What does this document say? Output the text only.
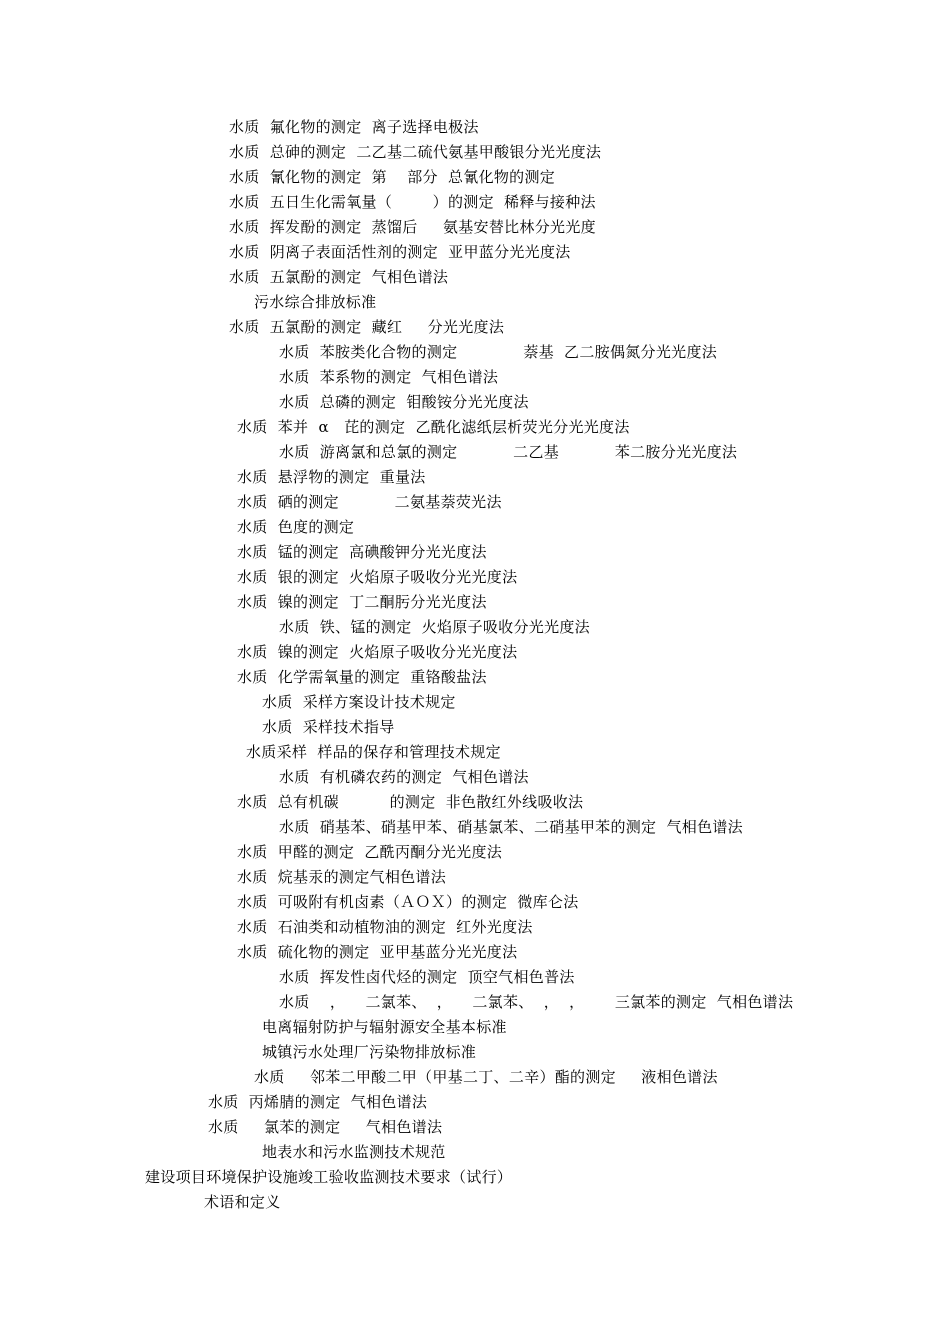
水质  氟化物的测定  离子选择电极法
水质  总砷的测定  二乙基二硫代氨基甲酸银分光光度法
水质  氰化物的测定  第    部分  总氰化物的测定
水质  五日生化需氧量（        ）的测定  稀释与接种法
水质  挥发酚的测定  蒸馏后     氨基安替比林分光光度
水质  阴离子表面活性剂的测定  亚甲蓝分光光度法
水质  五氯酚的测定  气相色谱法
污水综合排放标准
水质  五氯酚的测定  藏红     分光光度法
水质  苯胺类化合物的测定             萘基  乙二胺偶氮分光光度法
水质  苯系物的测定  气相色谱法
水质  总磷的测定  钼酸铵分光光度法
水质  苯并  α   芘的测定  乙酰化滤纸层析荧光分光光度法
水质  游离氯和总氯的测定           二乙基           苯二胺分光光度法
水质  悬浮物的测定  重量法
水质  硒的测定           二氨基萘荧光法
水质  色度的测定
水质  锰的测定  高碘酸钾分光光度法
水质  银的测定  火焰原子吸收分光光度法
水质  镍的测定  丁二酮肟分光光度法
水质  铁、锰的测定  火焰原子吸收分光光度法
水质  镍的测定  火焰原子吸收分光光度法
水质  化学需氧量的测定  重铬酸盐法
水质  采样方案设计技术规定
水质  采样技术指导
水质采样  样品的保存和管理技术规定
水质  有机磷农药的测定  气相色谱法
水质  总有机碳          的测定  非色散红外线吸收法
水质  硝基苯、硝基甲苯、硝基氯苯、二硝基甲苯的测定  气相色谱法
水质  甲醛的测定  乙酰丙酮分光光度法
水质  烷基汞的测定气相色谱法
水质  可吸附有机卤素（ＡＯＸ）的测定  微库仑法
水质  石油类和动植物油的测定  红外光度法
水质  硫化物的测定  亚甲基蓝分光光度法
水质  挥发性卤代烃的测定  顶空气相色普法
水质    ，    二氯苯、  ，    二氯苯、  ，  ，      三氯苯的测定  气相色谱法
电离辐射防护与辐射源安全基本标准
城镇污水处理厂污染物排放标准
水质     邻苯二甲酸二甲（甲基二丁、二辛）酯的测定     液相色谱法
水质  丙烯腈的测定  气相色谱法
水质     氯苯的测定     气相色谱法
地表水和污水监测技术规范
建设项目环境保护设施竣工验收监测技术要求（试行）
术语和定义
